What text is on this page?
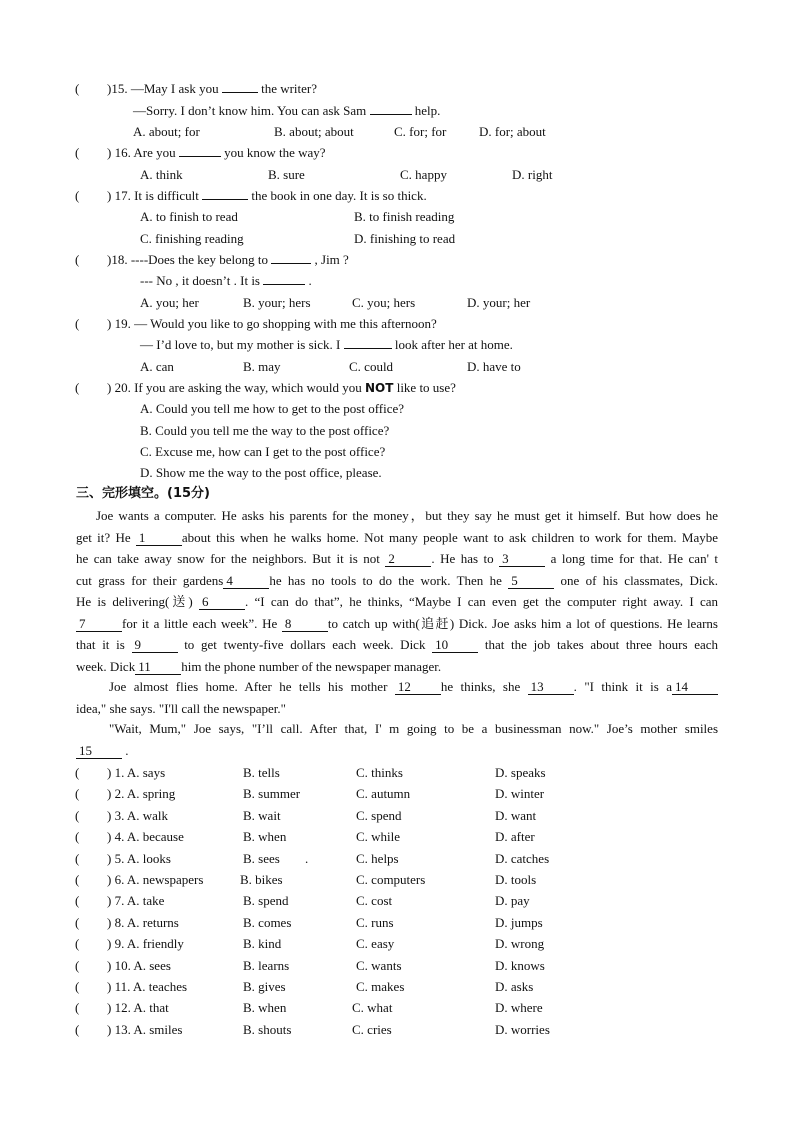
( )15. —May I ask you	the writer?
—Sorry. I don’t know him. You can ask Sam	help.
A. about; for	B. about; about	C. for; for	D. for; about
( ) 16. Are you	you know the way?
A. think	B. sure	C. happy	D. right
( ) 17. It is difficult	the book in one day. It is so thick.
A. to finish to read	B. to finish reading
C. finishing reading	D. finishing to read
( )18. ----Does the key belong to	, Jim ?
--- No , it doesn’t . It is	.
A. you; her	B. your; hers	C. you; hers	D. your; her
( ) 19. — Would you like to go shopping with me this afternoon?
— I’d love to, but my mother is sick. I	look after her at home.
A. can	B. may	C. could	D. have to
( ) 20. If you are asking the way, which would you NOT like to use?
A. Could you tell me how to get to the post office?
B. Could you tell me the way to the post office?
C. Excuse me, how can I get to the post office?
D. Show me the way to the post office, please.
三、完形填空。(15分)
Joe wants a computer. He asks his parents for the money，but they say he must get it himself. But how does he
get it? He 1	about this when he walks home. Not many people want to ask children to work for them. Maybe
he can take away snow for the neighbors. But it is not 2	. He has to 3	a long time for that. He can' t
cut grass for their gardens 4	he has no tools to do the work. Then he 5	one of his classmates, Dick.
He is delivering(送) 6	. “I can do that”, he thinks, “Maybe I can even get the computer right away. I can
7	for it a little each week”. He 8	to catch up with(追赶) Dick. Joe asks him a lot of questions. He learns
that it is 9	to get twenty-five dollars each week. Dick 10 that the job takes about three hours each
week. Dick 11 him the phone number of the newspaper manager.
Joe almost flies home. After he tells his mother 12 he thinks, she 13 . "I think it is a 14
idea," she says. "I'll call the newspaper."
"Wait, Mum," Joe says, "I’ll call. After that, I' m going to be a businessman now." Joe’s mother smiles
15 .
( ) 1. A. says	B. tells	C. thinks	D. speaks
( ) 2. A. spring	B. summer	C. autumn	D. winter
( ) 3. A. walk	B. wait	C. spend	D. want
( ) 4. A. because	B. when	C. while	D. after
( ) 5. A. looks	B. sees	C. helps	D. catches
.
( ) 6. A. newspapers	B. bikes	C. computers	D. tools
( ) 7. A. take	B. spend	C. cost	D. pay
( ) 8. A. returns	B. comes	C. runs	D. jumps
( ) 9. A. friendly	B. kind	C. easy	D. wrong
( ) 10. A. sees	B. learns	C. wants	D. knows
( ) 11. A. teaches	B. gives	C. makes	D. asks
( ) 12. A. that	B. when	C. what	D. where
( ) 13. A. smiles	B. shouts	C. cries	D. worries
